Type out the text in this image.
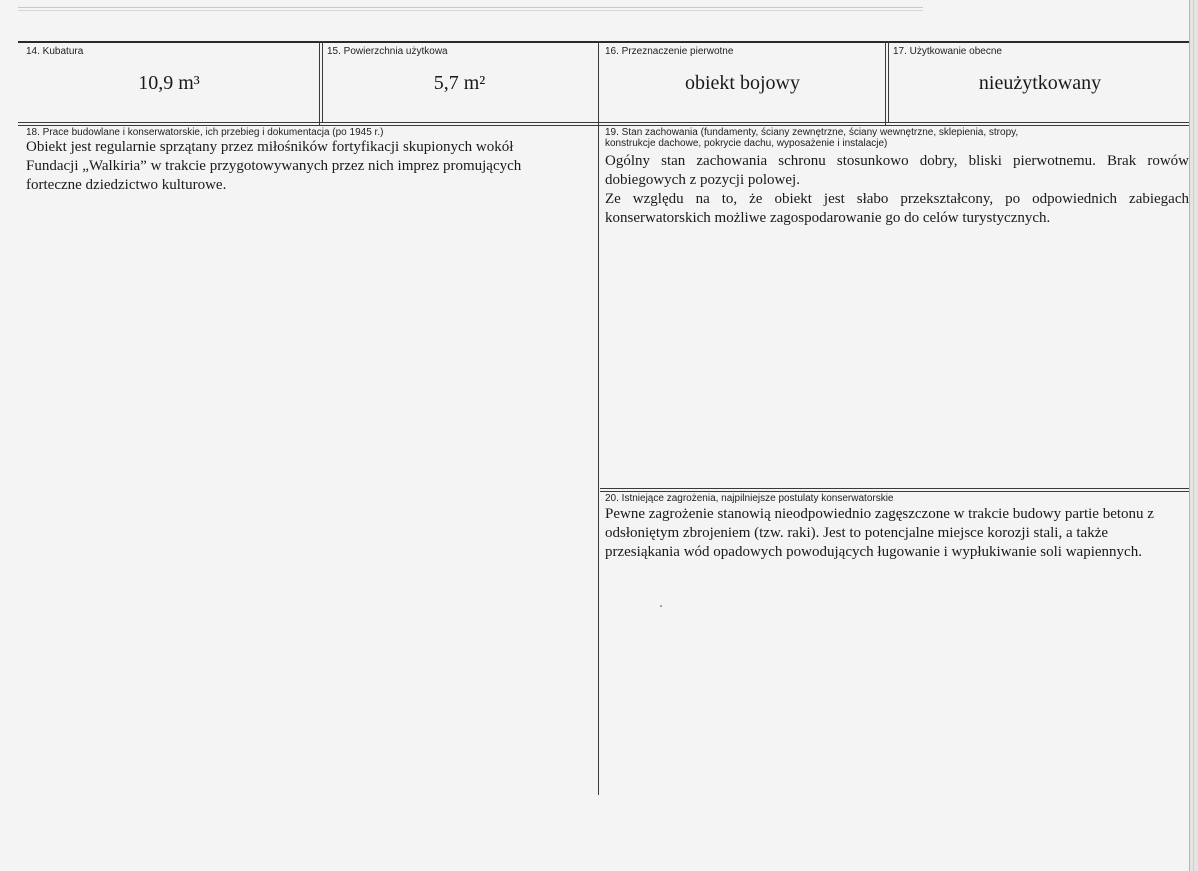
14. Kubatura
10,9 m³
15. Powierzchnia użytkowa
5,7 m²
16. Przeznaczenie pierwotne
obiekt bojowy
17. Użytkowanie obecne
nieużytkowany
18. Prace budowlane i konserwatorskie, ich przebieg i dokumentacja (po 1945 r.)
Obiekt jest regularnie sprzątany przez miłośników fortyfikacji skupionych wokół
Fundacji „Walkiria” w trakcie przygotowywanych przez nich imprez promujących
forteczne dziedzictwo kulturowe.
19. Stan zachowania (fundamenty, ściany zewnętrzne, ściany wewnętrzne, sklepienia, stropy,
konstrukcje dachowe, pokrycie dachu, wyposażenie i instalacje)
Ogólny stan zachowania schronu stosunkowo dobry, bliski pierwotnemu. Brak rowów dobiegowych z pozycji polowej.
Ze względu na to, że obiekt jest słabo przekształcony, po odpowiednich zabiegach konserwatorskich możliwe zagospodarowanie go do celów turystycznych.
20. Istniejące zagrożenia, najpilniejsze postulaty konserwatorskie
Pewne zagrożenie stanowią nieodpowiednio zagęszczone w trakcie budowy partie betonu z
odsłoniętym zbrojeniem (tzw. raki). Jest to potencjalne miejsce korozji stali, a także
przesiąkania wód opadowych powodujących ługowanie i wypłukiwanie soli wapiennych.
